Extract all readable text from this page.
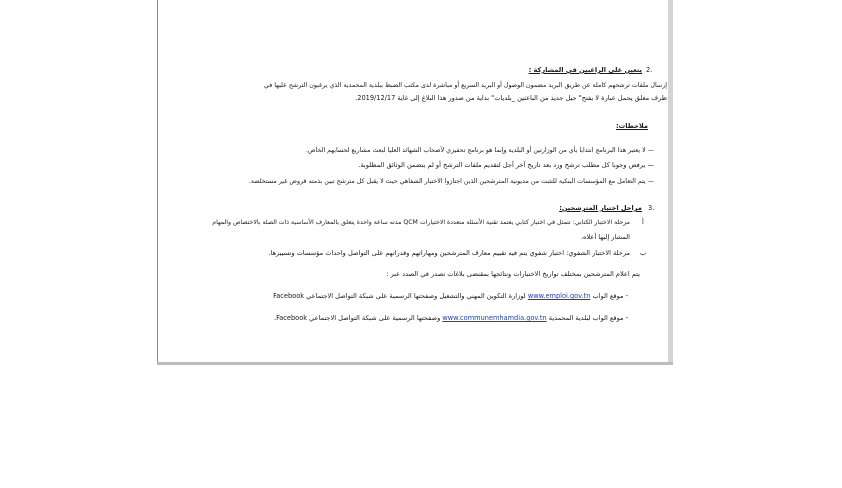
2.
يتعين على الراغبين في المشاركة :
إرسال ملفات ترشحهم كاملة عن طريق البريد مضمون الوصول أو البريد السريع أو مباشرة لدى مكتب الضبط ببلدية المحمدية الذي يرغبون الترشح عليها في
ظرف مغلق يحمل عبارة لا يفتح" جيل جديد من الباعثين _بلديات" بداية من صدور هذا البلاغ إلى غاية 2019/12/17.
ملاحظات:
— لا يعتبر هذا البرنامج انتدابا بأي من الوزارتين أو البلدية وإنما هو برنامج تحفيزي لأصحاب الشهائد العليا لبعث مشاريع لحسابهم الخاص.
— يرفض وجوبا كل مطلب ترشح ورد بعد تاريخ آخر أجل لتقديم ملفات الترشح أو لم يتضمن الوثائق المطلوبة.
— يتم التعامل مع المؤسسات البنكية للتثبت من مديونية المترشحين الذين اجتازوا الاختبار الشفاهي حيث لا يقبل كل مترشح تبين بذمته قروض غير مستخلصة.
3.
مراحل اختيار المترشحين:
أ
مرحلة الاختبار الكتابي: تتمثل في اختبار كتابي يعتمد تقنية الأسئلة متعددة الاختيارات QCM مدته ساعة واحدة يتعلق بالمعارف الأساسية ذات الصلة بالاختصاص والمهام
المشار إليها أعلاه.
ب
مرحلة الاختبار الشفوي: اختبار شفوي يتم فيه تقييم معارف المترشحين ومهاراتهم وقدراتهم على التواصل واحداث مؤسسات وتسييرها.
يتم اعلام المترشحين بمختلف تواريخ الاختبارات ونتائجها بمقتضى بلاغات تصدر في الصدد عبر :
- موقع الواب www.emploi.gov.tn لوزارة التكوين المهني والتشغيل وصفحتها الرسمية على شبكة التواصل الاجتماعي Facebook
- موقع الواب لبلدية المحمدية www.communemhamdia.gov.tn وصفحتها الرسمية على شبكة التواصل الاجتماعي Facebook.
